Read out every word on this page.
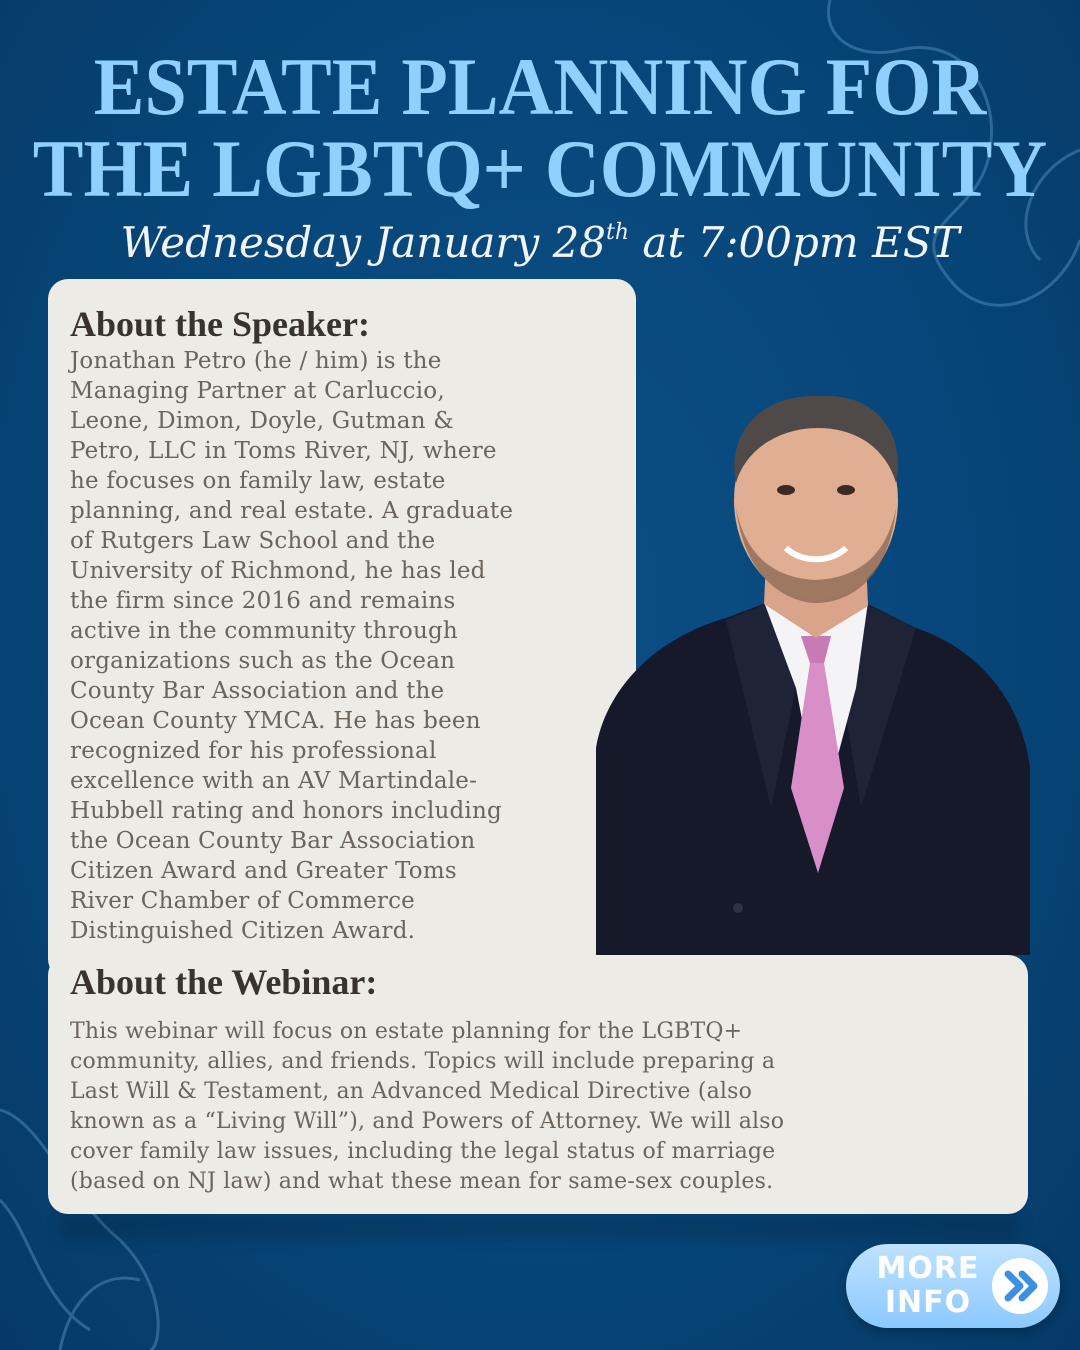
ESTATE PLANNING FOR
THE LGBTQ+ COMMUNITY
Wednesday January 28th at 7:00pm EST
About the Speaker:
Jonathan Petro (he / him) is the
Managing Partner at Carluccio,
Leone, Dimon, Doyle, Gutman &
Petro, LLC in Toms River, NJ, where
he focuses on family law, estate
planning, and real estate. A graduate
of Rutgers Law School and the
University of Richmond, he has led
the firm since 2016 and remains
active in the community through
organizations such as the Ocean
County Bar Association and the
Ocean County YMCA. He has been
recognized for his professional
excellence with an AV Martindale-
Hubbell rating and honors including
the Ocean County Bar Association
Citizen Award and Greater Toms
River Chamber of Commerce
Distinguished Citizen Award.
About the Webinar:
This webinar will focus on estate planning for the LGBTQ+
community, allies, and friends. Topics will include preparing a
Last Will & Testament, an Advanced Medical Directive (also
known as a “Living Will”), and Powers of Attorney. We will also
cover family law issues, including the legal status of marriage
(based on NJ law) and what these mean for same-sex couples.
MORE
INFO
